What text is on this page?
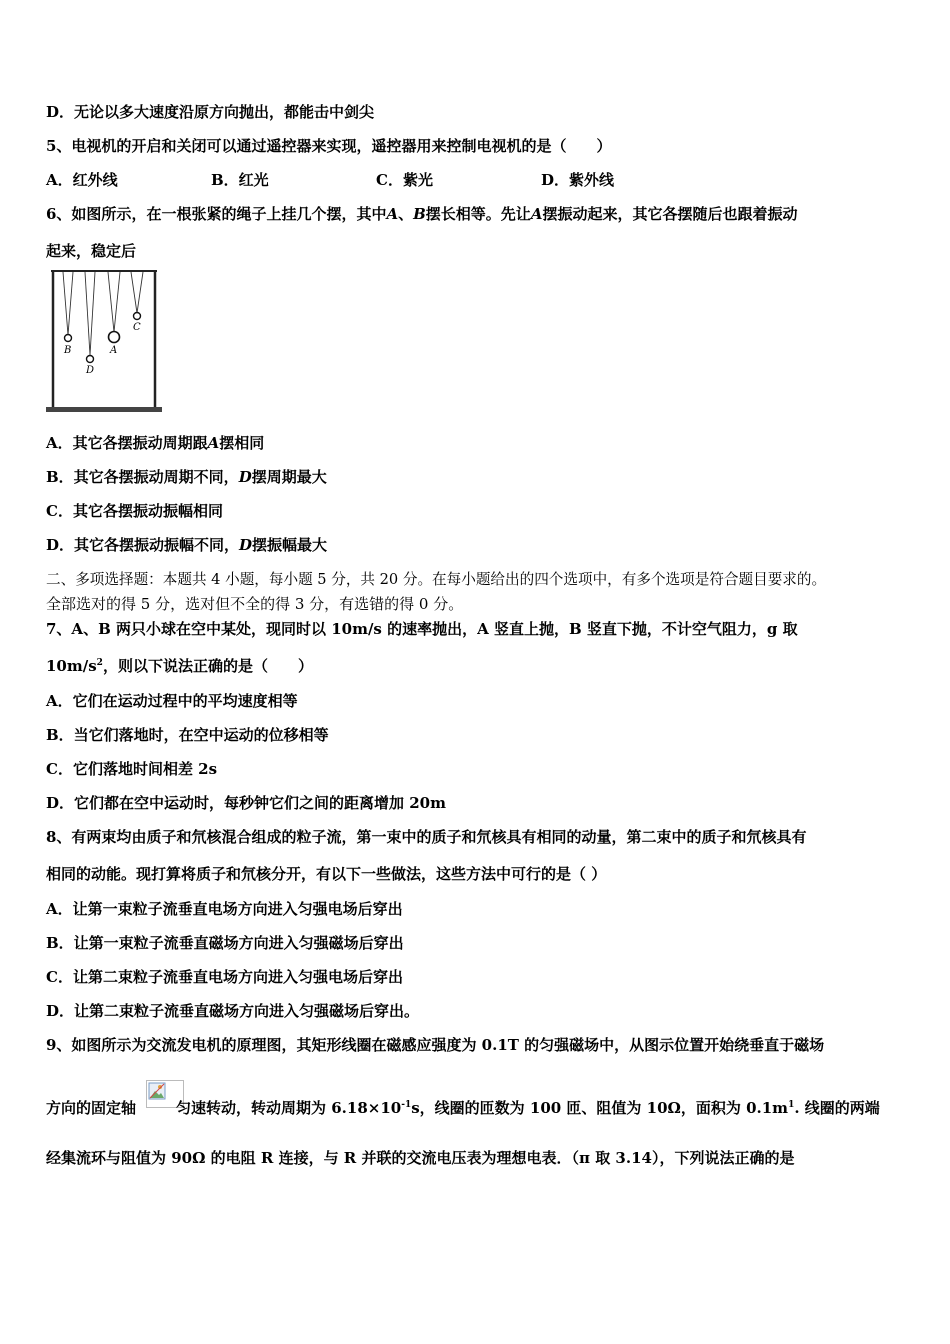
D．无论以多大速度沿原方向抛出，都能击中剑尖
5、电视机的开启和关闭可以通过遥控器来实现，遥控器用来控制电视机的是（　　）
A．红外线	B．红光	C．紫光	D．紫外线
6、如图所示，在一根张紧的绳子上挂几个摆，其中A、B摆长相等。先让A摆振动起来，其它各摆随后也跟着振动
起来，稳定后
B
D
A
C
A．其它各摆振动周期跟A摆相同
B．其它各摆振动周期不同，D摆周期最大
C．其它各摆振动振幅相同
D．其它各摆振动振幅不同，D摆振幅最大
二、多项选择题：本题共 4 小题，每小题 5 分，共 20 分。在每小题给出的四个选项中，有多个选项是符合题目要求的。
全部选对的得 5 分，选对但不全的得 3 分，有选错的得 0 分。
7、A、B 两只小球在空中某处，现同时以 10m/s 的速率抛出，A 竖直上抛，B 竖直下抛，不计空气阻力，g 取
$10m/s^2$，则以下说法正确的是（　　）
A．它们在运动过程中的平均速度相等
B．当它们落地时，在空中运动的位移相等
C．它们落地时间相差 2s
D．它们都在空中运动时，每秒钟它们之间的距离增加 20m
8、有两束均由质子和氘核混合组成的粒子流，第一束中的质子和氘核具有相同的动量，第二束中的质子和氘核具有
相同的动能。现打算将质子和氘核分开，有以下一些做法，这些方法中可行的是（ ）
A．让第一束粒子流垂直电场方向进入匀强电场后穿出
B．让第一束粒子流垂直磁场方向进入匀强磁场后穿出
C．让第二束粒子流垂直电场方向进入匀强电场后穿出
D．让第二束粒子流垂直磁场方向进入匀强磁场后穿出。
9、如图所示为交流发电机的原理图，其矩形线圈在磁感应强度为 0.1T 的匀强磁场中，从图示位置开始绕垂直于磁场
方向的固定轴	匀速转动，转动周期为 $6.18\times 10^{-1}s$，线圈的匝数为 100 匝、阻值为 10Ω，面积为 $0.1m^1$. 线圈的两端
经集流环与阻值为 90Ω 的电阻 R 连接，与 R 并联的交流电压表为理想电表．（π 取 3.14），下列说法正确的是
